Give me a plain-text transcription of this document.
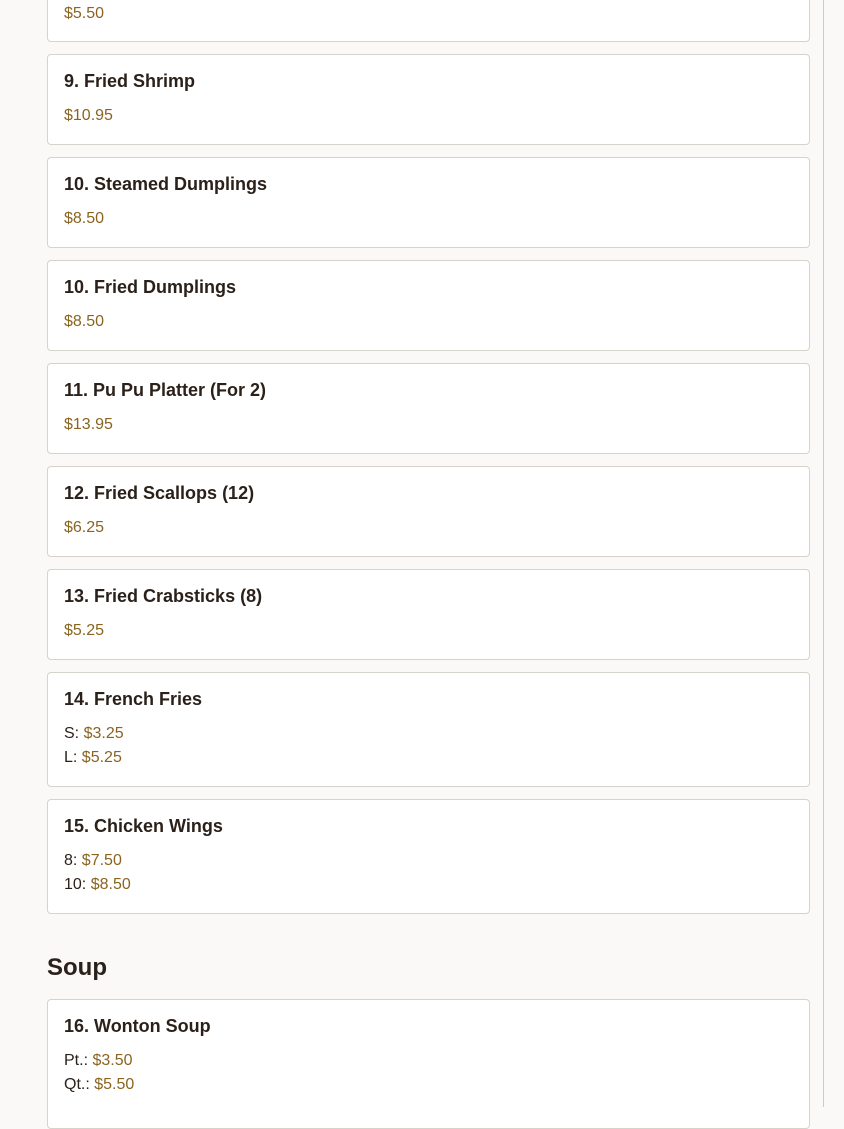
$5.50
9. Fried Shrimp
$10.95
10. Steamed Dumplings
$8.50
10. Fried Dumplings
$8.50
11. Pu Pu Platter (For 2)
$13.95
12. Fried Scallops (12)
$6.25
13. Fried Crabsticks (8)
$5.25
14. French Fries
S: $3.25
L: $5.25
15. Chicken Wings
8: $7.50
10: $8.50
Soup
16. Wonton Soup
Pt.: $3.50
Qt.: $5.50
